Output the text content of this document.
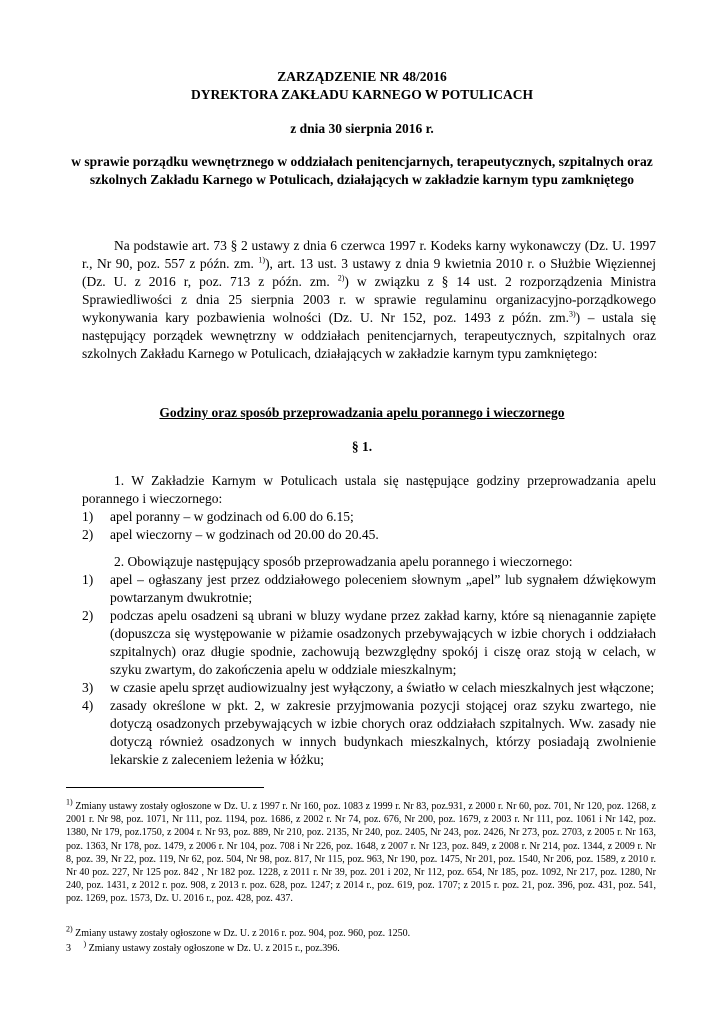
ZARZĄDZENIE NR 48/2016
DYREKTORA ZAKŁADU KARNEGO W POTULICACH
z dnia 30 sierpnia 2016 r.
w sprawie porządku wewnętrznego w oddziałach penitencjarnych, terapeutycznych, szpitalnych oraz szkolnych Zakładu Karnego w Potulicach, działających w zakładzie karnym typu zamkniętego

Na podstawie art. 73 § 2 ustawy z dnia 6 czerwca 1997 r. Kodeks karny wykonawczy (Dz. U. 1997 r., Nr 90, poz. 557 z późn. zm. $^{1)}$), art. 13 ust. 3 ustawy z dnia 9 kwietnia 2010 r. o Służbie Więziennej (Dz. U. z 2016 r, poz. 713 z późn. zm. $^{2)}$) w związku z § 14 ust. 2 rozporządzenia Ministra Sprawiedliwości z dnia 25 sierpnia 2003 r. w sprawie regulaminu organizacyjno-porządkowego wykonywania kary pozbawienia wolności (Dz. U. Nr 152, poz. 1493 z późn. zm.$^{3)}$) – ustala się następujący porządek wewnętrzny w oddziałach penitencjarnych, terapeutycznych, szpitalnych oraz szkolnych Zakładu Karnego w Potulicach, działających w zakładzie karnym typu zamkniętego:

Godziny oraz sposób przeprowadzania apelu porannego i wieczornego
§ 1.

1. W Zakładzie Karnym w Potulicach ustala się następujące godziny przeprowadzania apelu porannego i wieczornego:

1) apel poranny – w godzinach od 6.00 do 6.15;
2) apel wieczorny – w godzinach od 20.00 do 20.45.

2. Obowiązuje następujący sposób przeprowadzania apelu porannego i wieczornego:

1) apel – ogłaszany jest przez oddziałowego poleceniem słownym „apel” lub sygnałem dźwiękowym powtarzanym dwukrotnie;
2) podczas apelu osadzeni są ubrani w bluzy wydane przez zakład karny, które są nienagannie zapięte (dopuszcza się występowanie w piżamie osadzonych przebywających w izbie chorych i oddziałach szpitalnych) oraz długie spodnie, zachowują bezwzględny spokój i ciszę oraz stoją w celach, w szyku zwartym, do zakończenia apelu w oddziale mieszkalnym;
3) w czasie apelu sprzęt audiowizualny jest wyłączony, a światło w celach mieszkalnych jest włączone;
4) zasady określone w pkt. 2, w zakresie przyjmowania pozycji stojącej oraz szyku zwartego, nie dotyczą osadzonych przebywających w izbie chorych oraz oddziałach szpitalnych. Ww. zasady nie dotyczą również osadzonych w innych budynkach mieszkalnych, którzy posiadają zwolnienie lekarskie z zaleceniem leżenia w łóżku;

$^{1)}$ Zmiany ustawy zostały ogłoszone w Dz. U. z 1997 r. Nr 160, poz. 1083 z 1999 r. Nr 83, poz.931, z 2000 r. Nr 60, poz. 701, Nr 120, poz. 1268, z 2001 r. Nr 98, poz. 1071, Nr 111, poz. 1194, poz. 1686, z 2002 r. Nr 74, poz. 676, Nr 200, poz. 1679, z 2003 r. Nr 111, poz. 1061 i Nr 142, poz. 1380, Nr 179, poz.1750, z 2004 r. Nr 93, poz. 889, Nr 210, poz. 2135, Nr 240, poz. 2405, Nr 243, poz. 2426, Nr 273, poz. 2703, z 2005 r. Nr 163, poz. 1363, Nr 178, poz. 1479, z 2006 r. Nr 104, poz. 708 i Nr 226, poz. 1648, z 2007 r. Nr 123, poz. 849, z 2008 r. Nr 214, poz. 1344, z 2009 r. Nr 8, poz. 39, Nr 22, poz. 119, Nr 62, poz. 504, Nr 98, poz. 817, Nr 115, poz. 963, Nr 190, poz. 1475, Nr 201, poz. 1540, Nr 206, poz. 1589, z 2010 r. Nr 40 poz. 227, Nr 125 poz. 842 , Nr 182 poz. 1228, z 2011 r. Nr 39, poz. 201 i 202, Nr 112, poz. 654, Nr 185, poz. 1092, Nr 217, poz. 1280, Nr 240, poz. 1431, z 2012 r. poz. 908, z 2013 r. poz. 628, poz. 1247; z 2014 r., poz. 619, poz. 1707; z 2015 r. poz. 21, poz. 396, poz. 431, poz. 541, poz. 1269, poz. 1573, Dz. U. 2016 r., poz. 428, poz. 437.

$^{2)}$ Zmiany ustawy zostały ogłoszone w Dz. U. z 2016 r. poz. 904, poz. 960, poz. 1250.

3 ) Zmiany ustawy zostały ogłoszone w Dz. U. z 2015 r., poz.396.
